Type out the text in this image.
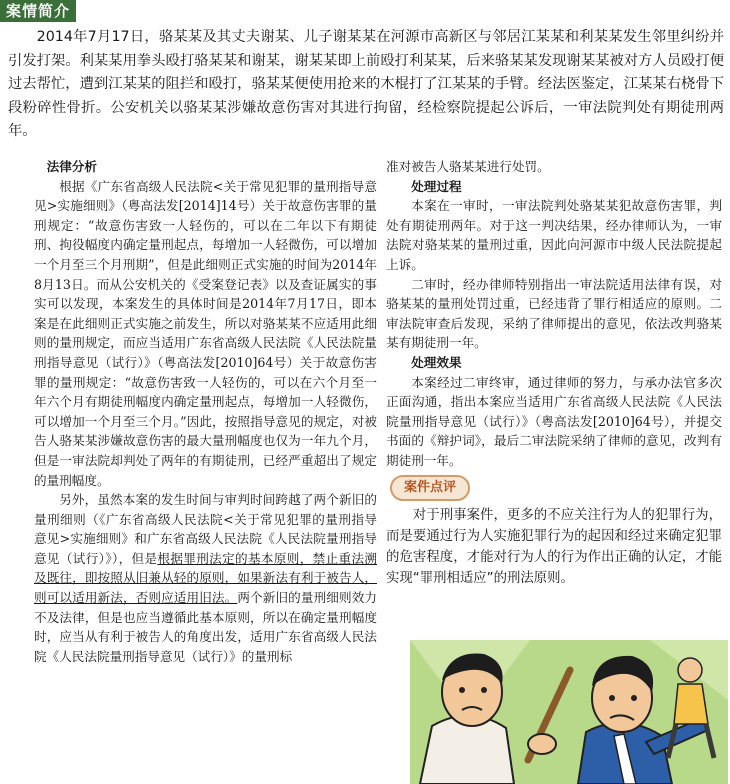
案情简介
2014年7月17日，骆某某及其丈夫谢某、儿子谢某某在河源市高新区与邻居江某某和利某某发生邻里纠纷并引发打架。利某某用拳头殴打骆某某和谢某，谢某某即上前殴打利某某，后来骆某某发现谢某某被对方人员殴打便过去帮忙，遭到江某某的阻拦和殴打，骆某某便使用抢来的木棍打了江某某的手臂。经法医鉴定，江某某右桡骨下段粉碎性骨折。公安机关以骆某某涉嫌故意伤害对其进行拘留，经检察院提起公诉后，一审法院判处有期徒刑两年。
法律分析

根据《广东省高级人民法院<关于常见犯罪的量刑指导意见>实施细则》（粤高法发[2014]14号）关于故意伤害罪的量刑规定：“故意伤害致一人轻伤的，可以在二年以下有期徒刑、拘役幅度内确定量刑起点，每增加一人轻微伤，可以增加一个月至三个月刑期”，但是此细则正式实施的时间为2014年8月13日。而从公安机关的《受案登记表》以及查证属实的事实可以发现，本案发生的具体时间是2014年7月17日，即本案是在此细则正式实施之前发生，所以对骆某某不应适用此细则的量刑规定，而应当适用广东省高级人民法院《人民法院量刑指导意见（试行）》（粤高法发[2010]64号）关于故意伤害罪的量刑规定：“故意伤害致一人轻伤的，可以在六个月至一年六个月有期徒刑幅度内确定量刑起点，每增加一人轻微伤，可以增加一个月至三个月。”因此，按照指导意见的规定，对被告人骆某某涉嫌故意伤害的最大量刑幅度也仅为一年九个月，但是一审法院却判处了两年的有期徒刑，已经严重超出了规定的量刑幅度。

另外，虽然本案的发生时间与审判时间跨越了两个新旧的量刑细则（《广东省高级人民法院<关于常见犯罪的量刑指导意见>实施细则》和广东省高级人民法院《人民法院量刑指导意见（试行）》），但是根据罪刑法定的基本原则，禁止重法溯及既往，即按照从旧兼从轻的原则，如果新法有利于被告人，则可以适用新法，否则应适用旧法。两个新旧的量刑细则效力不及法律，但是也应当遵循此基本原则，所以在确定量刑幅度时，应当从有利于被告人的角度出发，适用广东省高级人民法院《人民法院量刑指导意见（试行）》的量刑标

准对被告人骆某某进行处罚。

处理过程

本案在一审时，一审法院判处骆某某犯故意伤害罪，判处有期徒刑两年。对于这一判决结果，经办律师认为，一审法院对骆某某的量刑过重，因此向河源市中级人民法院提起上诉。

二审时，经办律师特别指出一审法院适用法律有误，对骆某某的量刑处罚过重，已经违背了罪行相适应的原则。二审法院审查后发现，采纳了律师提出的意见，依法改判骆某某有期徒刑一年。

处理效果

本案经过二审终审，通过律师的努力，与承办法官多次正面沟通，指出本案应当适用广东省高级人民法院《人民法院量刑指导意见（试行）》（粤高法发[2010]64号），并提交书面的《辩护词》，最后二审法院采纳了律师的意见，改判有期徒刑一年。

案件点评

对于刑事案件，更多的不应关注行为人的犯罪行为，而是要通过行为人实施犯罪行为的起因和经过来确定犯罪的危害程度，才能对行为人的行为作出正确的认定，才能实现“罪刑相适应”的刑法原则。
